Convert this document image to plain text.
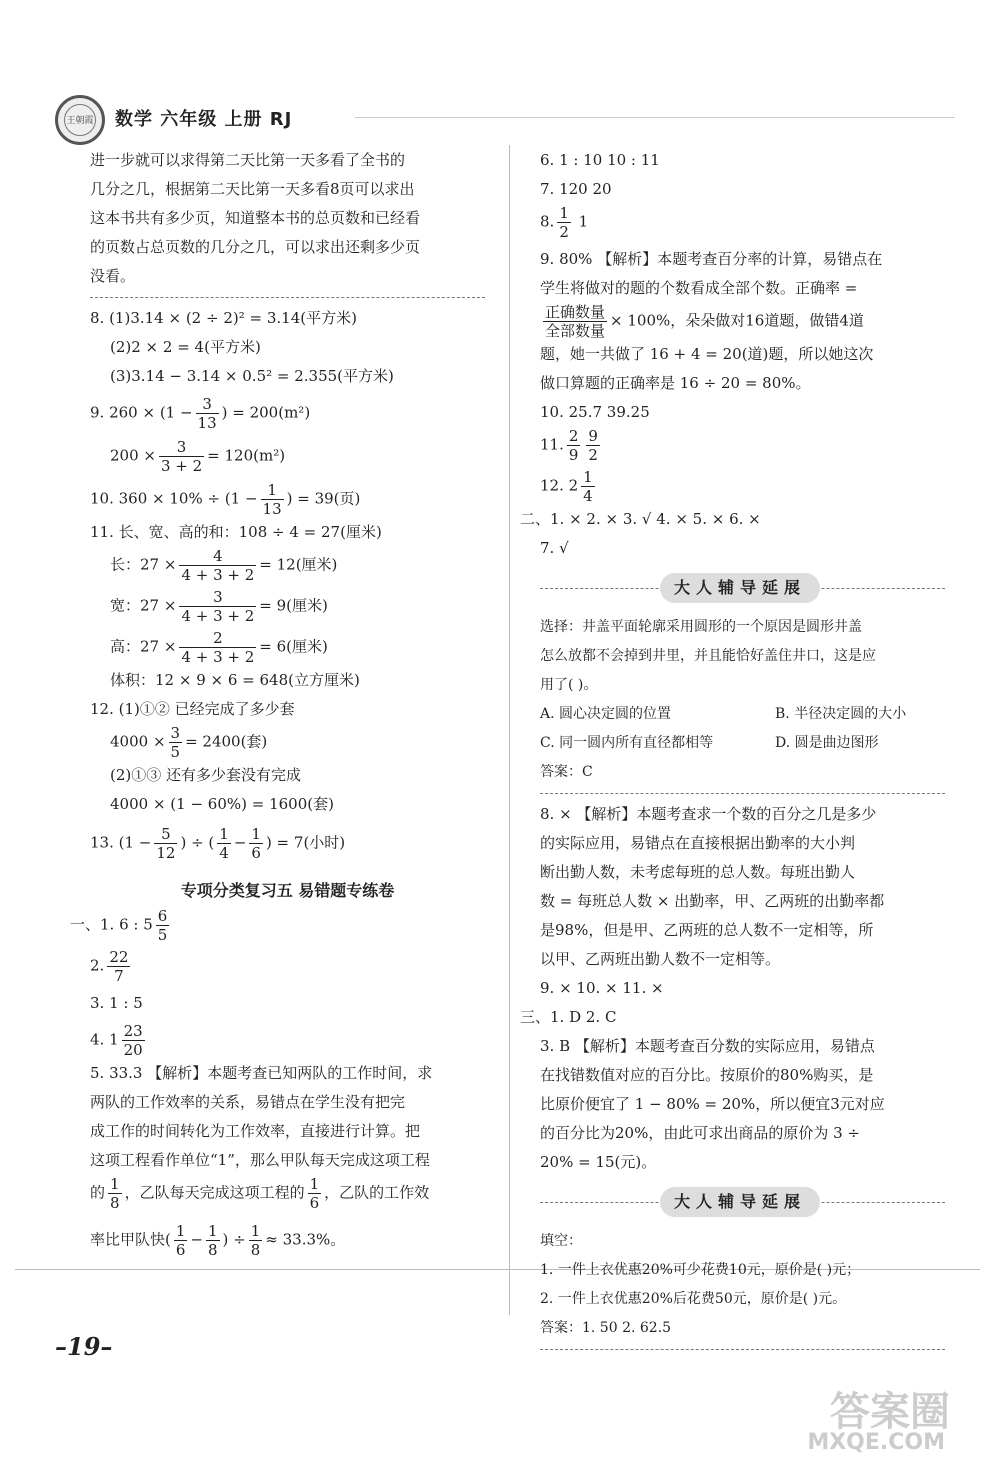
王朝霞 数学 六年级 上册 RJ
进一步就可以求得第二天比第一天多看了全书的
几分之几，根据第二天比第一天多看8页可以求出
这本书共有多少页，知道整本书的总页数和已经看
的页数占总页数的几分之几，可以求出还剩多少页
没看。
8. (1)3.14 × (2 ÷ 2)² = 3.14(平方米)
(2)2 × 2 = 4(平方米)
(3)3.14 − 3.14 × 0.5² = 2.355(平方米)
9. $260 \times (1 - \frac{3}{13}$ ) = 200(m²)
$200 \times \frac{3}{3 + 2} = 120(m^2)$
10. $360 \times 10\% \div (1 - \frac{1}{13}$ ) = 39(页)
11. 长、宽、高的和：108 ÷ 4 = 27(厘米)
长：$27 \times \frac{4}{4 + 3 + 2} = 12$(厘米)
宽：$27 \times \frac{3}{4 + 3 + 2} = 9$(厘米)
高：$27 \times \frac{2}{4 + 3 + 2} = 6$(厘米)
体积：12 × 9 × 6 = 648(立方厘米)
12. (1)①② 已经完成了多少套
$4000 \times \frac{3}{5} = 2400$(套)
(2)①③ 还有多少套没有完成
4000 × (1 − 60%) = 1600(套)
13. ($1 - \frac{5}{12}$ ) ÷ ( $\frac{1}{4} - \frac{1}{6}$ ) = 7(小时)
专项分类复习五 易错题专练卷
一、1. 6 : $5 \frac{6}{5}$
2. $\frac{22}{7}$
3. 1 : 5
4. $1 \frac{23}{20}$
5. 33.3 【解析】本题考查已知两队的工作时间，求
两队的工作效率的关系，易错点在学生没有把完
成工作的时间转化为工作效率，直接进行计算。把
这项工程看作单位“1”，那么甲队每天完成这项工程
的 $\frac{1}{8}$ ，乙队每天完成这项工程的 $\frac{1}{6}$ ，乙队的工作效
率比甲队快( $\frac{1}{6} - \frac{1}{8}$ ) ÷ $\frac{1}{8} \approx 33.3\%$。
6. 1 : 10 10 : 11
7. 120 20
8. $\frac{1}{2} 1$
9. 80% 【解析】本题考查百分率的计算，易错点在
学生将做对的题的个数看成全部个数。正确率 =
$\frac{\text{正确数量}}{\text{全部数量}} \times 100\%$，朵朵做对16道题，做错4道
题，她一共做了 16 + 4 = 20(道)题，所以她这次
做口算题的正确率是 16 ÷ 20 = 80%。
10. 25.7 39.25
11. $\frac{2}{9} \frac{9}{2}$
12. $2 \frac{1}{4}$
二、1. × 2. × 3. √ 4. × 5. × 6. ×
7. √
大人辅导延展
选择：井盖平面轮廓采用圆形的一个原因是圆形井盖
怎么放都不会掉到井里，并且能恰好盖住井口，这是应
用了( )。
A. 圆心决定圆的位置	B. 半径决定圆的大小
C. 同一圆内所有直径都相等	D. 圆是曲边图形
答案：C
8. × 【解析】本题考查求一个数的百分之几是多少
的实际应用，易错点在直接根据出勤率的大小判
断出勤人数，未考虑每班的总人数。每班出勤人
数 = 每班总人数 × 出勤率，甲、乙两班的出勤率都
是98%，但是甲、乙两班的总人数不一定相等，所
以甲、乙两班出勤人数不一定相等。
9. × 10. × 11. ×
三、1. D 2. C
3. B 【解析】本题考查百分数的实际应用，易错点
在找错数值对应的百分比。按原价的80%购买，是
比原价便宜了 1 − 80% = 20%，所以便宜3元对应
的百分比为20%，由此可求出商品的原价为 3 ÷
20% = 15(元)。
大人辅导延展
填空：
1. 一件上衣优惠20%可少花费10元，原价是( )元；
2. 一件上衣优惠20%后花费50元，原价是( )元。
答案：1. 50 2. 62.5
–19–
答案圈
MXQE.COM
